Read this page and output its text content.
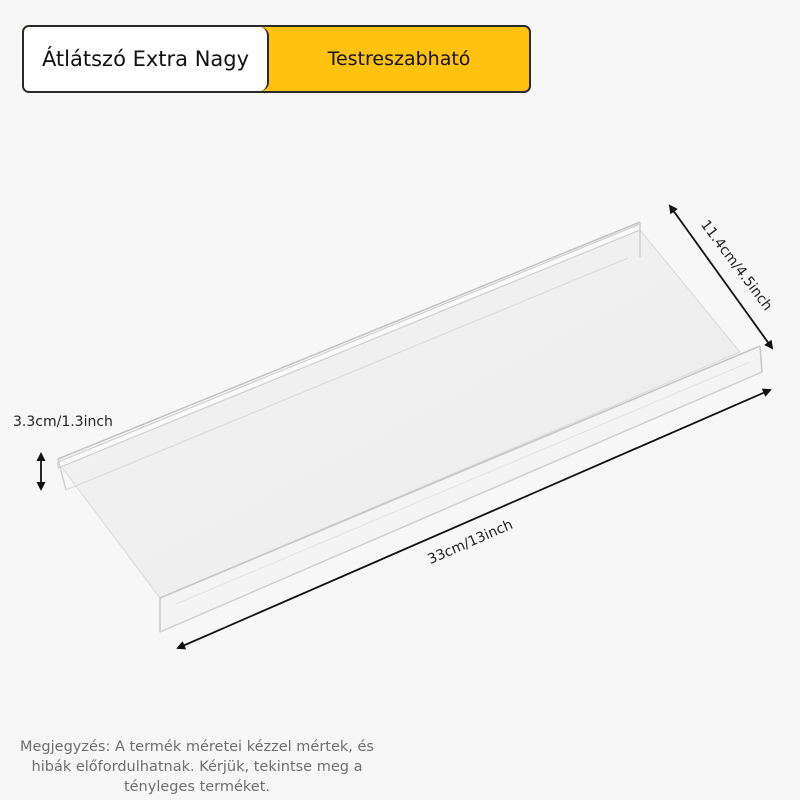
Átlátszó Extra Nagy	Testreszabható
11.4cm/4.5inch
3.3cm/1.3inch
33cm/13inch
Megjegyzés: A termék méretei kézzel mértek, és hibák előfordulhatnak. Kérjük, tekintse meg a tényleges terméket.
